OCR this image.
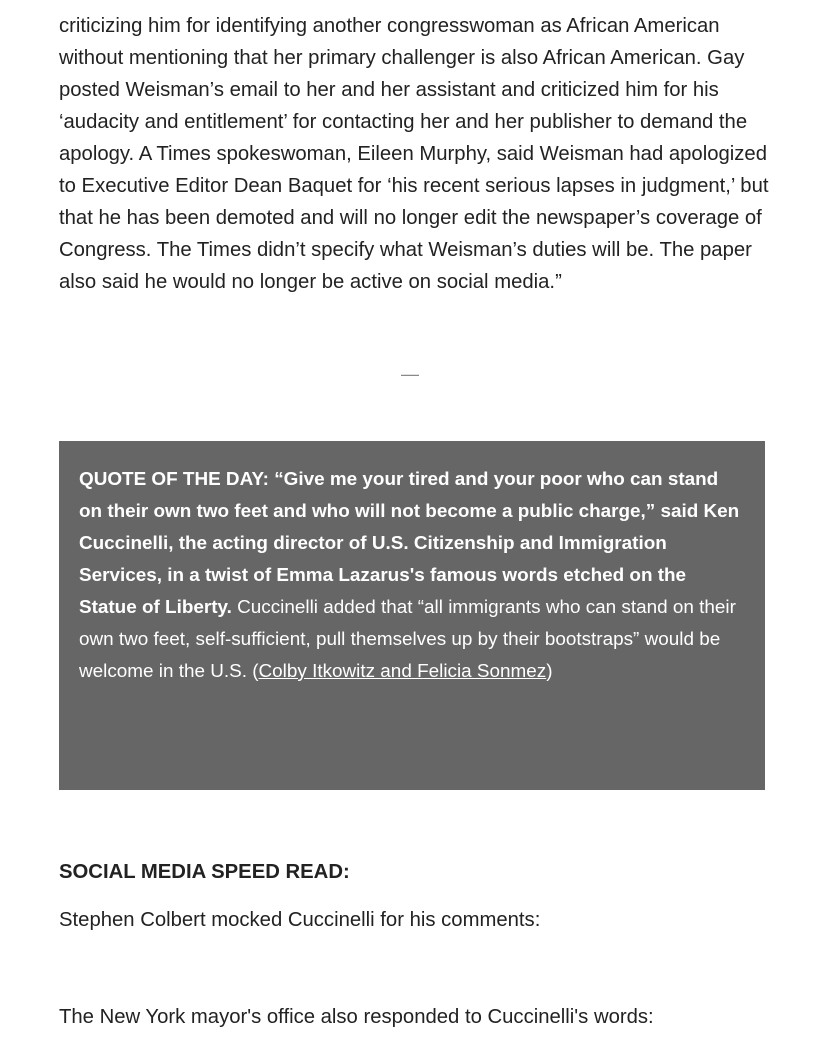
criticizing him for identifying another congresswoman as African American without mentioning that her primary challenger is also African American. Gay posted Weisman’s email to her and her assistant and criticized him for his ‘audacity and entitlement’ for contacting her and her publisher to demand the apology. A Times spokeswoman, Eileen Murphy, said Weisman had apologized to Executive Editor Dean Baquet for ‘his recent serious lapses in judgment,’ but that he has been demoted and will no longer edit the newspaper’s coverage of Congress. The Times didn’t specify what Weisman’s duties will be. The paper also said he would no longer be active on social media.”

—

QUOTE OF THE DAY: “Give me your tired and your poor who can stand on their own two feet and who will not become a public charge,” said Ken Cuccinelli, the acting director of U.S. Citizenship and Immigration Services, in a twist of Emma Lazarus's famous words etched on the Statue of Liberty. Cuccinelli added that “all immigrants who can stand on their own two feet, self-sufficient, pull themselves up by their bootstraps” would be welcome in the U.S. (Colby Itkowitz and Felicia Sonmez)

SOCIAL MEDIA SPEED READ:

Stephen Colbert mocked Cuccinelli for his comments:

The New York mayor's office also responded to Cuccinelli's words:
